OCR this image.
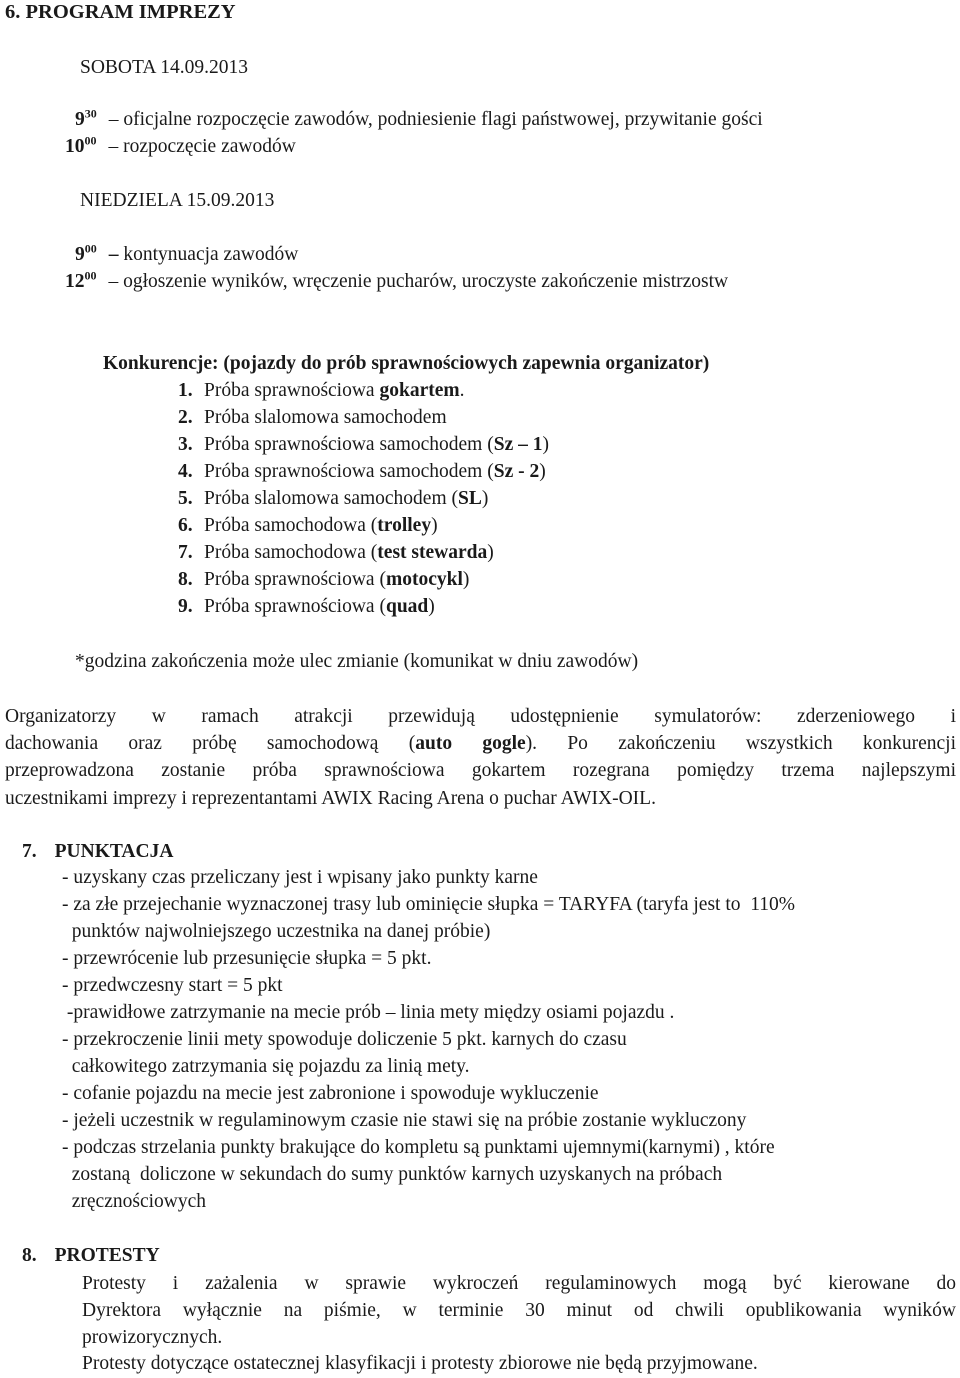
6. PROGRAM IMPREZY
SOBOTA 14.09.2013
$9^{30}$ – oficjalne rozpoczęcie zawodów, podniesienie flagi państwowej, przywitanie gości
$10^{00}$ – rozpoczęcie zawodów
NIEDZIELA 15.09.2013
$9^{00}$ – kontynuacja zawodów
$12^{00}$ – ogłoszenie wyników, wręczenie pucharów, uroczyste zakończenie mistrzostw
Konkurencje: (pojazdy do prób sprawnościowych zapewnia organizator)
1. Próba sprawnościowa gokartem.
2. Próba slalomowa samochodem
3. Próba sprawnościowa samochodem (Sz – 1)
4. Próba sprawnościowa samochodem (Sz - 2)
5. Próba slalomowa samochodem (SL)
6. Próba samochodowa (trolley)
7. Próba samochodowa (test stewarda)
8. Próba sprawnościowa (motocykl)
9. Próba sprawnościowa (quad)
*godzina zakończenia może ulec zmianie (komunikat w dniu zawodów)
Organizatorzy w ramach atrakcji przewidują udostępnienie symulatorów: zderzeniowego i
dachowania oraz próbę samochodową (auto gogle). Po zakończeniu wszystkich konkurencji
przeprowadzona zostanie próba sprawnościowa gokartem rozegrana pomiędzy trzema najlepszymi
uczestnikami imprezy i reprezentantami AWIX Racing Arena o puchar AWIX-OIL.
7. PUNKTACJA
- uzyskany czas przeliczany jest i wpisany jako punkty karne
- za złe przejechanie wyznaczonej trasy lub ominięcie słupka = TARYFA (taryfa jest to  110%
punktów najwolniejszego uczestnika na danej próbie)
- przewrócenie lub przesunięcie słupka = 5 pkt.
- przedwczesny start = 5 pkt
-prawidłowe zatrzymanie na mecie prób – linia mety między osiami pojazdu .
- przekroczenie linii mety spowoduje doliczenie 5 pkt. karnych do czasu
całkowitego zatrzymania się pojazdu za linią mety.
- cofanie pojazdu na mecie jest zabronione i spowoduje wykluczenie
- jeżeli uczestnik w regulaminowym czasie nie stawi się na próbie zostanie wykluczony
- podczas strzelania punkty brakujące do kompletu są punktami ujemnymi(karnymi) , które
zostaną  doliczone w sekundach do sumy punktów karnych uzyskanych na próbach
zręcznościowych
8. PROTESTY
Protesty i zażalenia w sprawie wykroczeń regulaminowych mogą być kierowane do
Dyrektora wyłącznie na piśmie, w terminie 30 minut od chwili opublikowania wyników
prowizorycznych.
Protesty dotyczące ostatecznej klasyfikacji i protesty zbiorowe nie będą przyjmowane.
